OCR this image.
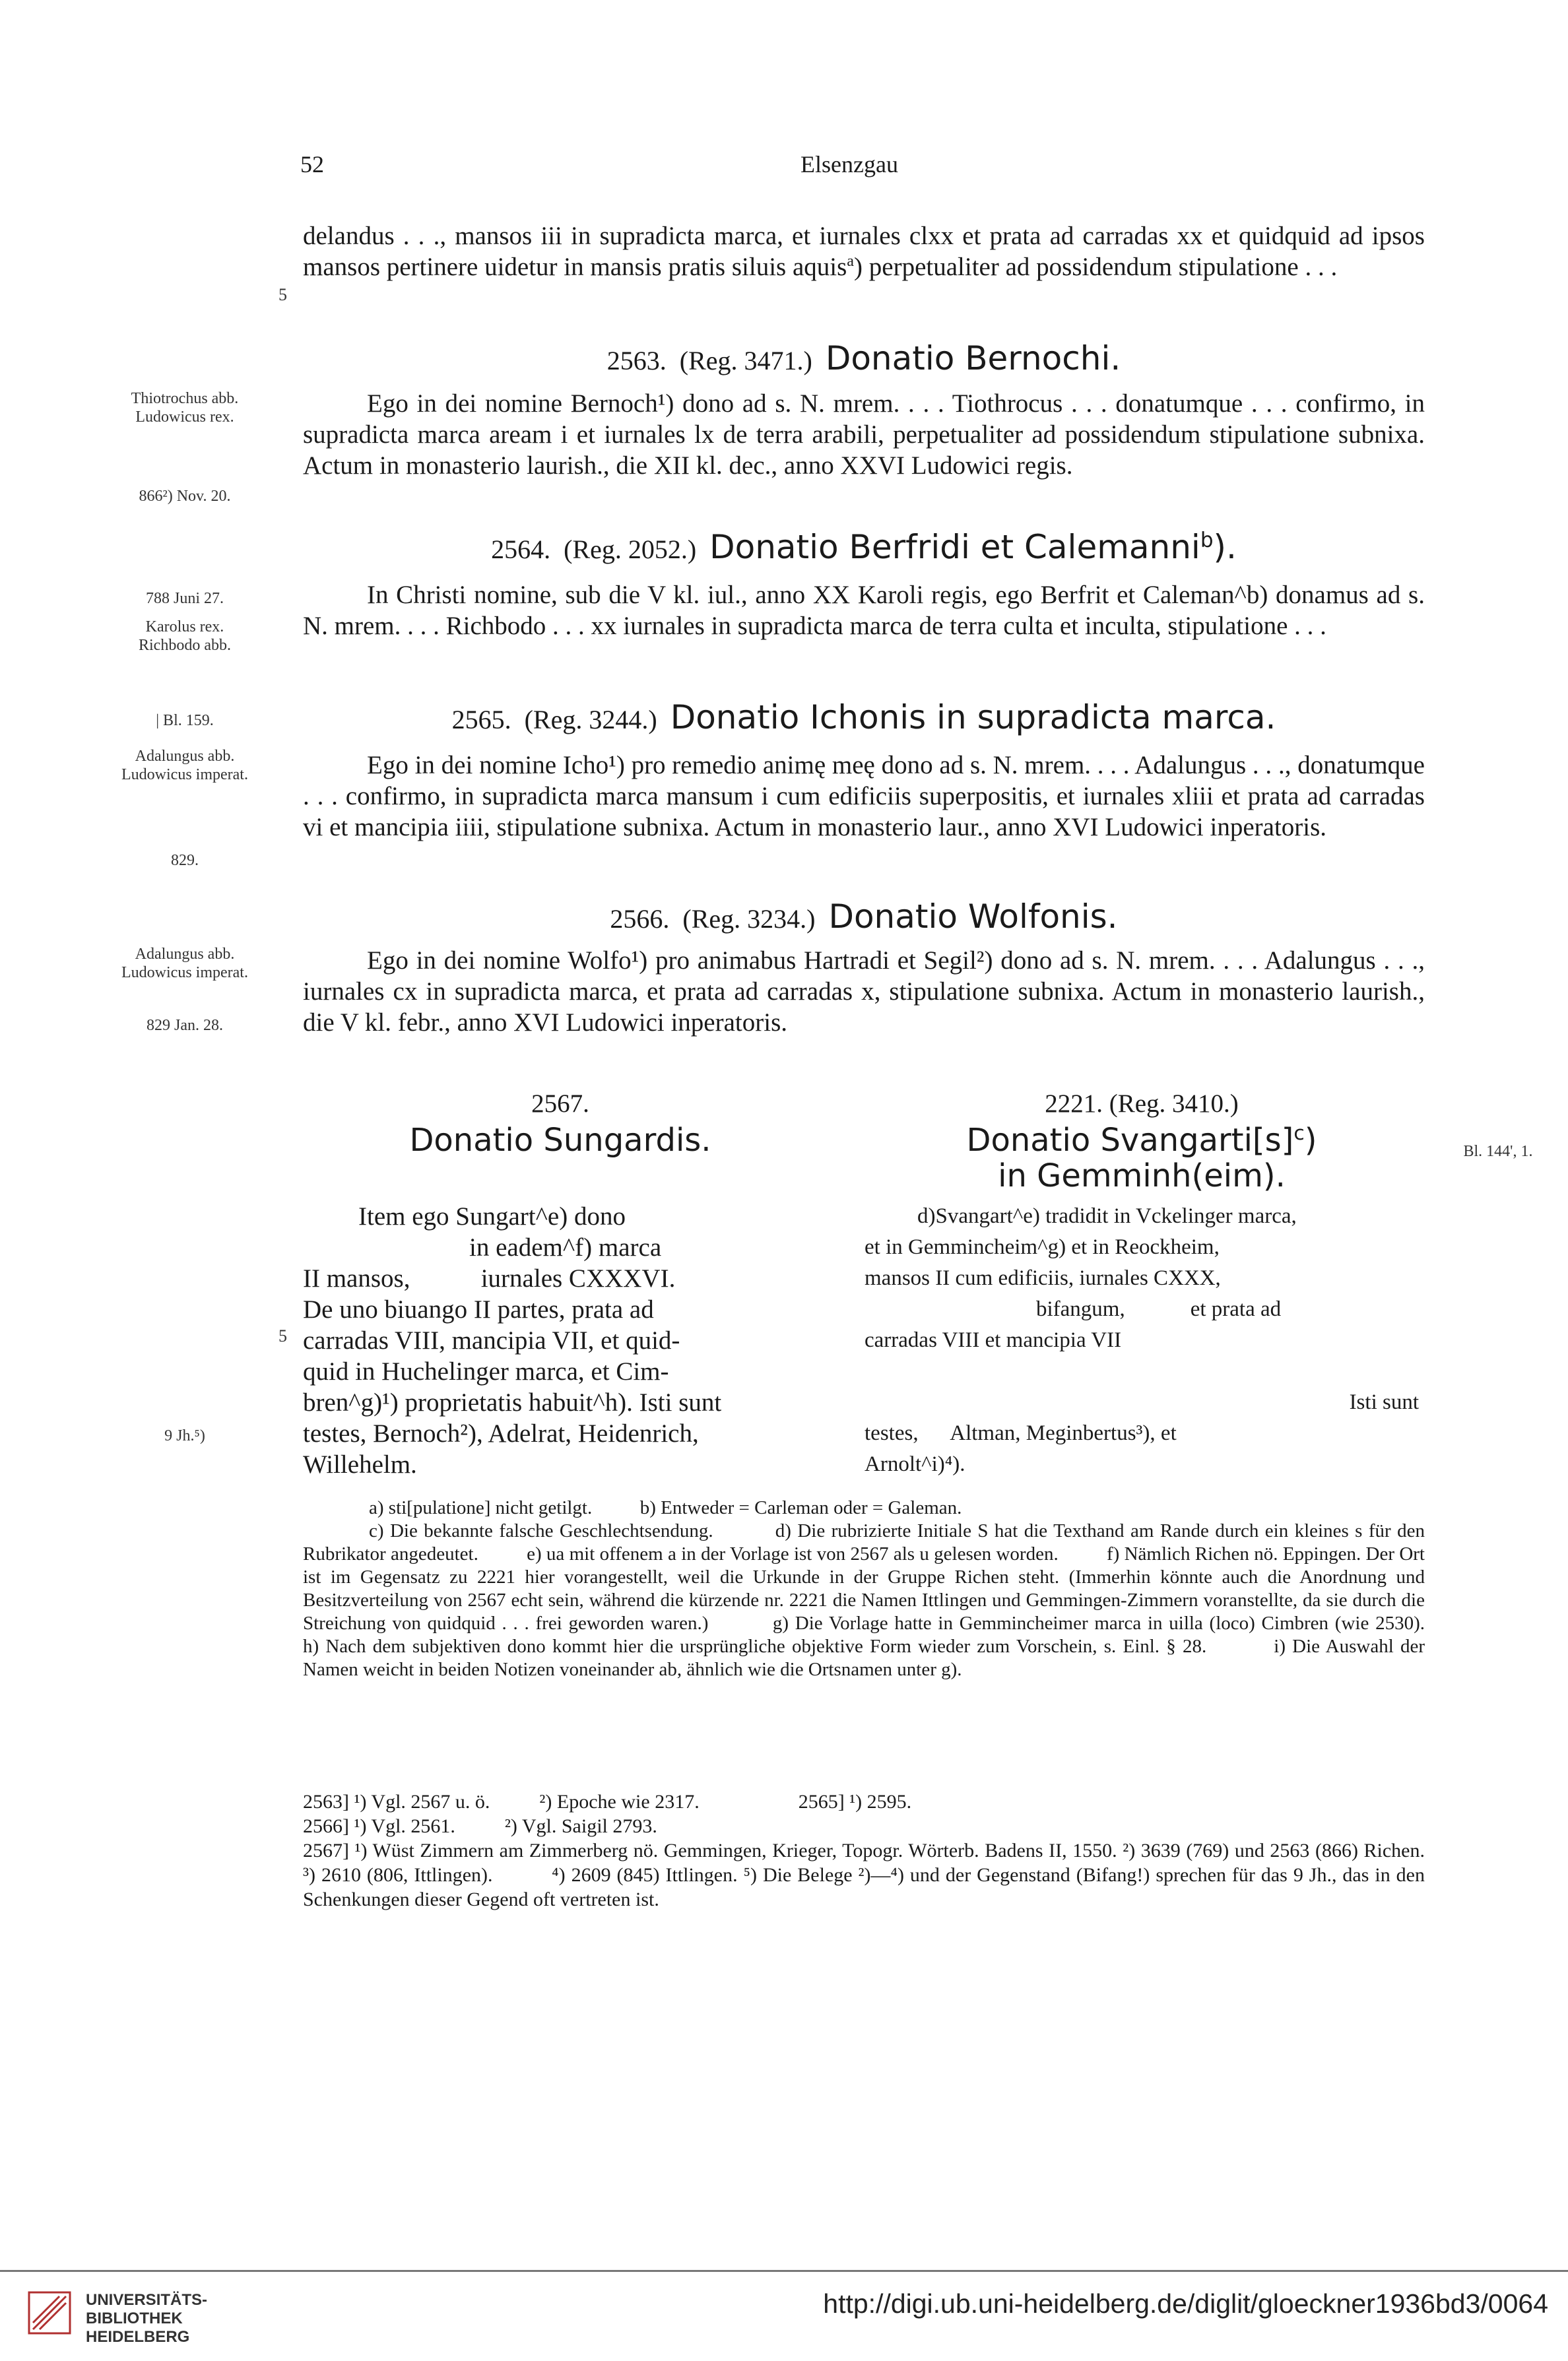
52	Elsenzgau
delandus . . ., mansos iii in supradicta marca, et iurnales clxx et prata ad carradas xx et quidquid ad ipsos mansos pertinere uidetur in mansis pratis siluis aquis$^a$) perpetualiter ad possidendum stipulatione . . .
5
2563. (Reg. 3471.) Donatio Bernochi.
Thiotrochus abb. Ludowicus rex.
866²) Nov. 20.
Ego in dei nomine Bernoch¹) dono ad s. N. mrem. . . . Tiothrocus . . . donatumque . . . confirmo, in supradicta marca aream i et iurnales lx de terra arabili, perpetualiter ad possidendum stipulatione subnixa. Actum in monasterio laurish., die XII kl. dec., anno XXVI Ludowici regis.
2564. (Reg. 2052.) Donatio Berfridi et Calemanni$^b$).
788 Juni 27.
Karolus rex. Richbodo abb.
In Christi nomine, sub die V kl. iul., anno XX Karoli regis, ego Berfrit et Caleman^b) donamus ad s. N. mrem. . . . Richbodo . . . xx iurnales in supradicta marca de terra culta et inculta, stipulatione . . .
2565. (Reg. 3244.) Donatio Ichonis in supradicta marca.
| Bl. 159.
Adalungus abb. Ludowicus imperat.
829.
Ego in dei nomine Icho¹) pro remedio animę meę dono ad s. N. mrem. . . . Adalungus . . ., donatumque . . . confirmo, in supradicta marca mansum i cum edificiis superpositis, et iurnales xliii et prata ad carradas vi et mancipia iiii, stipulatione subnixa. Actum in monasterio laur., anno XVI Ludowici inperatoris.
2566. (Reg. 3234.) Donatio Wolfonis.
Adalungus abb. Ludowicus imperat.
829 Jan. 28.
Ego in dei nomine Wolfo¹) pro animabus Hartradi et Segil²) dono ad s. N. mrem. . . . Adalungus . . ., iurnales cx in supradicta marca, et prata ad carradas x, stipulatione subnixa. Actum in monasterio laurish., die V kl. febr., anno XVI Ludowici inperatoris.
2567.
Donatio Sungardis.
2221. (Reg. 3410.)
Donatio $Svangarti[s]^c$)
in Gemminh(eim).
Bl. 144', 1.
Item ego Sungart^e) dono
in eadem^f) marca
II mansos,           iurnales CXXXVI.
De uno biuango II partes, prata ad
carradas VIII, mancipia VII, et quid-
quid in Huchelinger marca, et Cim-
bren^g)¹) proprietatis habuit^h). Isti sunt
testes, Bernoch²), Adelrat, Heidenrich,
Willehelm.
5
9 Jh.⁵)
d)Svangart^e) tradidit in Vckelinger marca,
et in Gemmincheim^g) et in Reockheim,
mansos II cum edificiis, iurnales CXXX,
bifangum,            et prata ad
carradas VIII et mancipia VII
Isti sunt
testes,      Altman, Meginbertus³), et
Arnolt^i)⁴).
a) sti[pulatione] nicht getilgt.          b) Entweder = Carleman oder = Galeman.
c) Die bekannte falsche Geschlechtsendung.          d) Die rubrizierte Initiale S hat die Texthand am Rande durch ein kleines s für den Rubrikator angedeutet.          e) ua mit offenem a in der Vorlage ist von 2567 als u gelesen worden.          f) Nämlich Richen nö. Eppingen. Der Ort ist im Gegensatz zu 2221 hier vorangestellt, weil die Urkunde in der Gruppe Richen steht. (Immerhin könnte auch die Anordnung und Besitzverteilung von 2567 echt sein, während die kürzende nr. 2221 die Namen Ittlingen und Gemmingen-Zimmern voranstellte, da sie durch die Streichung von quidquid . . . frei geworden waren.)          g) Die Vorlage hatte in Gemmincheimer marca in uilla (loco) Cimbren (wie 2530).          h) Nach dem subjektiven dono kommt hier die ursprüngliche objektive Form wieder zum Vorschein, s. Einl. § 28.          i) Die Auswahl der Namen weicht in beiden Notizen voneinander ab, ähnlich wie die Ortsnamen unter g).
2563] ¹) Vgl. 2567 u. ö.          ²) Epoche wie 2317.                    2565] ¹) 2595.
2566] ¹) Vgl. 2561.          ²) Vgl. Saigil 2793.
2567] ¹) Wüst Zimmern am Zimmerberg nö. Gemmingen, Krieger, Topogr. Wörterb. Badens II, 1550. ²) 3639 (769) und 2563 (866) Richen.          ³) 2610 (806, Ittlingen).          ⁴) 2609 (845) Ittlingen. ⁵) Die Belege ²)—⁴) und der Gegenstand (Bifang!) sprechen für das 9 Jh., das in den Schenkungen dieser Gegend oft vertreten ist.
UNIVERSITÄTS-
BIBLIOTHEK
HEIDELBERG
http://digi.ub.uni-heidelberg.de/diglit/gloeckner1936bd3/0064
